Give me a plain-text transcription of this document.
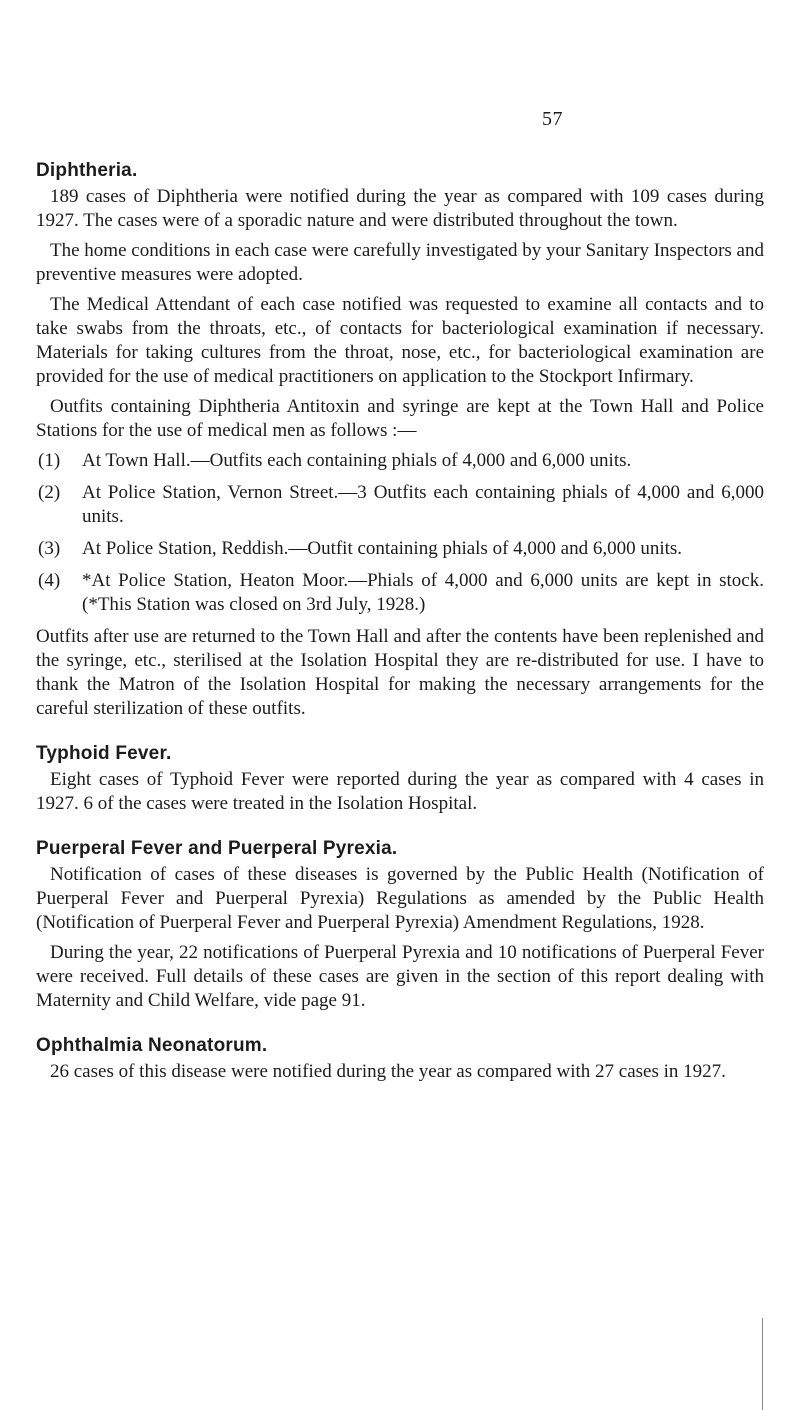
57
Diphtheria.

189 cases of Diphtheria were notified during the year as compared with 109 cases during 1927. The cases were of a sporadic nature and were distributed throughout the town.

The home conditions in each case were carefully investigated by your Sanitary Inspectors and preventive measures were adopted.

The Medical Attendant of each case notified was requested to examine all contacts and to take swabs from the throats, etc., of contacts for bacteriological examination if necessary. Materials for taking cultures from the throat, nose, etc., for bacteriological examination are provided for the use of medical practitioners on application to the Stockport Infirmary.

Outfits containing Diphtheria Antitoxin and syringe are kept at the Town Hall and Police Stations for the use of medical men as follows :—

(1)	At Town Hall.—Outfits each containing phials of 4,000 and 6,000 units.
(2)	At Police Station, Vernon Street.—3 Outfits each containing phials of 4,000 and 6,000 units.
(3)	At Police Station, Reddish.—Outfit containing phials of 4,000 and 6,000 units.
(4)	*At Police Station, Heaton Moor.—Phials of 4,000 and 6,000 units are kept in stock. (*This Station was closed on 3rd July, 1928.)

Outfits after use are returned to the Town Hall and after the contents have been replenished and the syringe, etc., sterilised at the Isolation Hospital they are re-distributed for use. I have to thank the Matron of the Isolation Hospital for making the necessary arrangements for the careful sterilization of these outfits.

Typhoid Fever.

Eight cases of Typhoid Fever were reported during the year as compared with 4 cases in 1927. 6 of the cases were treated in the Isolation Hospital.

Puerperal Fever and Puerperal Pyrexia.

Notification of cases of these diseases is governed by the Public Health (Notification of Puerperal Fever and Puerperal Pyrexia) Regulations as amended by the Public Health (Notification of Puerperal Fever and Puerperal Pyrexia) Amendment Regulations, 1928.

During the year, 22 notifications of Puerperal Pyrexia and 10 notifications of Puerperal Fever were received. Full details of these cases are given in the section of this report dealing with Maternity and Child Welfare, vide page 91.

Ophthalmia Neonatorum.

26 cases of this disease were notified during the year as compared with 27 cases in 1927.
